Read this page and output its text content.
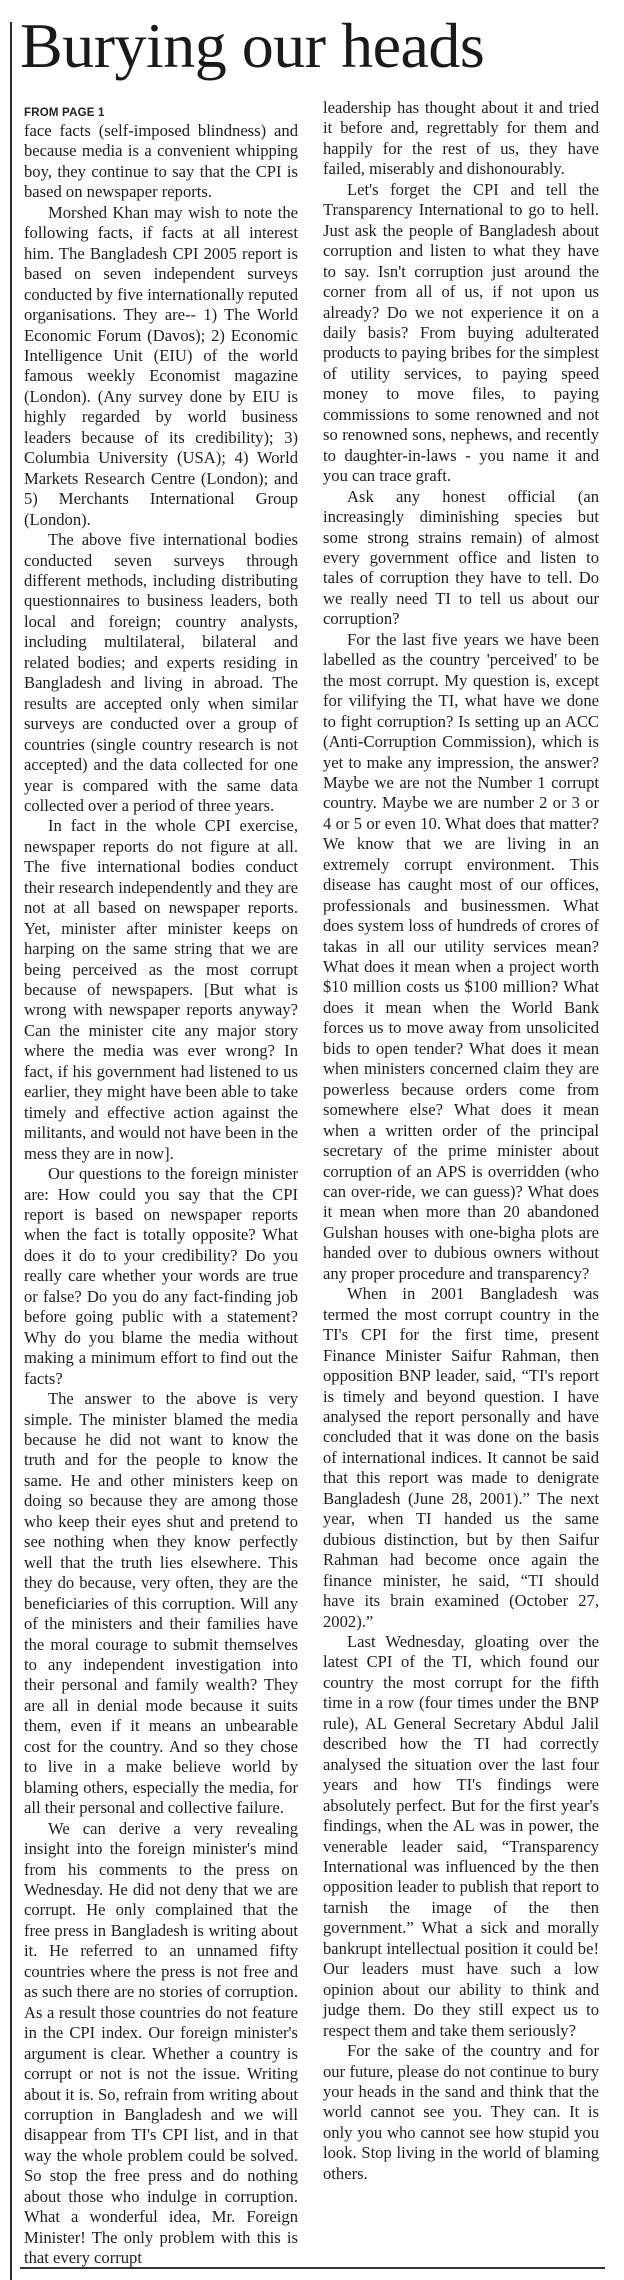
Burying our heads
FROM PAGE 1

face facts (self-imposed blindness) and because media is a convenient whipping boy, they continue to say that the CPI is based on newspaper reports.

Morshed Khan may wish to note the following facts, if facts at all interest him. The Bangladesh CPI 2005 report is based on seven independent surveys conducted by five internationally reputed organisations. They are-- 1) The World Economic Forum (Davos); 2) Economic Intelligence Unit (EIU) of the world famous weekly Economist magazine (London). (Any survey done by EIU is highly regarded by world business leaders because of its credibility); 3) Columbia University (USA); 4) World Markets Research Centre (London); and 5) Merchants International Group (London).

The above five international bodies conducted seven surveys through different methods, including distributing questionnaires to business leaders, both local and foreign; country analysts, including multilateral, bilateral and related bodies; and experts residing in Bangladesh and living in abroad. The results are accepted only when similar surveys are conducted over a group of countries (single country research is not accepted) and the data collected for one year is compared with the same data collected over a period of three years.

In fact in the whole CPI exercise, newspaper reports do not figure at all. The five international bodies conduct their research independently and they are not at all based on newspaper reports. Yet, minister after minister keeps on harping on the same string that we are being perceived as the most corrupt because of newspapers. [But what is wrong with newspaper reports anyway? Can the minister cite any major story where the media was ever wrong? In fact, if his government had listened to us earlier, they might have been able to take timely and effective action against the militants, and would not have been in the mess they are in now].

Our questions to the foreign minister are: How could you say that the CPI report is based on newspaper reports when the fact is totally opposite? What does it do to your credibility? Do you really care whether your words are true or false? Do you do any fact-finding job before going public with a statement? Why do you blame the media without making a minimum effort to find out the facts?

The answer to the above is very simple. The minister blamed the media because he did not want to know the truth and for the people to know the same. He and other ministers keep on doing so because they are among those who keep their eyes shut and pretend to see nothing when they know perfectly well that the truth lies elsewhere. This they do because, very often, they are the beneficiaries of this corruption. Will any of the ministers and their families have the moral courage to submit themselves to any independent investigation into their personal and family wealth? They are all in denial mode because it suits them, even if it means an unbearable cost for the country. And so they chose to live in a make believe world by blaming others, especially the media, for all their personal and collective failure.

We can derive a very revealing insight into the foreign minister's mind from his comments to the press on Wednesday. He did not deny that we are corrupt. He only complained that the free press in Bangladesh is writing about it. He referred to an unnamed fifty countries where the press is not free and as such there are no stories of corruption. As a result those countries do not feature in the CPI index. Our foreign minister's argument is clear. Whether a country is corrupt or not is not the issue. Writing about it is. So, refrain from writing about corruption in Bangladesh and we will disappear from TI's CPI list, and in that way the whole problem could be solved. So stop the free press and do nothing about those who indulge in corruption. What a wonderful idea, Mr. Foreign Minister! The only problem with this is that every corrupt

leadership has thought about it and tried it before and, regrettably for them and happily for the rest of us, they have failed, miserably and dishonourably.

Let's forget the CPI and tell the Transparency International to go to hell. Just ask the people of Bangladesh about corruption and listen to what they have to say. Isn't corruption just around the corner from all of us, if not upon us already? Do we not experience it on a daily basis? From buying adulterated products to paying bribes for the simplest of utility services, to paying speed money to move files, to paying commissions to some renowned and not so renowned sons, nephews, and recently to daughter-in-laws - you name it and you can trace graft.

Ask any honest official (an increasingly diminishing species but some strong strains remain) of almost every government office and listen to tales of corruption they have to tell. Do we really need TI to tell us about our corruption?

For the last five years we have been labelled as the country 'perceived' to be the most corrupt. My question is, except for vilifying the TI, what have we done to fight corruption? Is setting up an ACC (Anti-Corruption Commission), which is yet to make any impression, the answer? Maybe we are not the Number 1 corrupt country. Maybe we are number 2 or 3 or 4 or 5 or even 10. What does that matter? We know that we are living in an extremely corrupt environment. This disease has caught most of our offices, professionals and businessmen. What does system loss of hundreds of crores of takas in all our utility services mean? What does it mean when a project worth $10 million costs us $100 million? What does it mean when the World Bank forces us to move away from unsolicited bids to open tender? What does it mean when ministers concerned claim they are powerless because orders come from somewhere else? What does it mean when a written order of the principal secretary of the prime minister about corruption of an APS is overridden (who can over-ride, we can guess)? What does it mean when more than 20 abandoned Gulshan houses with one-bigha plots are handed over to dubious owners without any proper procedure and transparency?

When in 2001 Bangladesh was termed the most corrupt country in the TI's CPI for the first time, present Finance Minister Saifur Rahman, then opposition BNP leader, said, “TI's report is timely and beyond question. I have analysed the report personally and have concluded that it was done on the basis of international indices. It cannot be said that this report was made to denigrate Bangladesh (June 28, 2001).” The next year, when TI handed us the same dubious distinction, but by then Saifur Rahman had become once again the finance minister, he said, “TI should have its brain examined (October 27, 2002).”

Last Wednesday, gloating over the latest CPI of the TI, which found our country the most corrupt for the fifth time in a row (four times under the BNP rule), AL General Secretary Abdul Jalil described how the TI had correctly analysed the situation over the last four years and how TI's findings were absolutely perfect. But for the first year's findings, when the AL was in power, the venerable leader said, “Transparency International was influenced by the then opposition leader to publish that report to tarnish the image of the then government.” What a sick and morally bankrupt intellectual position it could be! Our leaders must have such a low opinion about our ability to think and judge them. Do they still expect us to respect them and take them seriously?

For the sake of the country and for our future, please do not continue to bury your heads in the sand and think that the world cannot see you. They can. It is only you who cannot see how stupid you look. Stop living in the world of blaming others.
